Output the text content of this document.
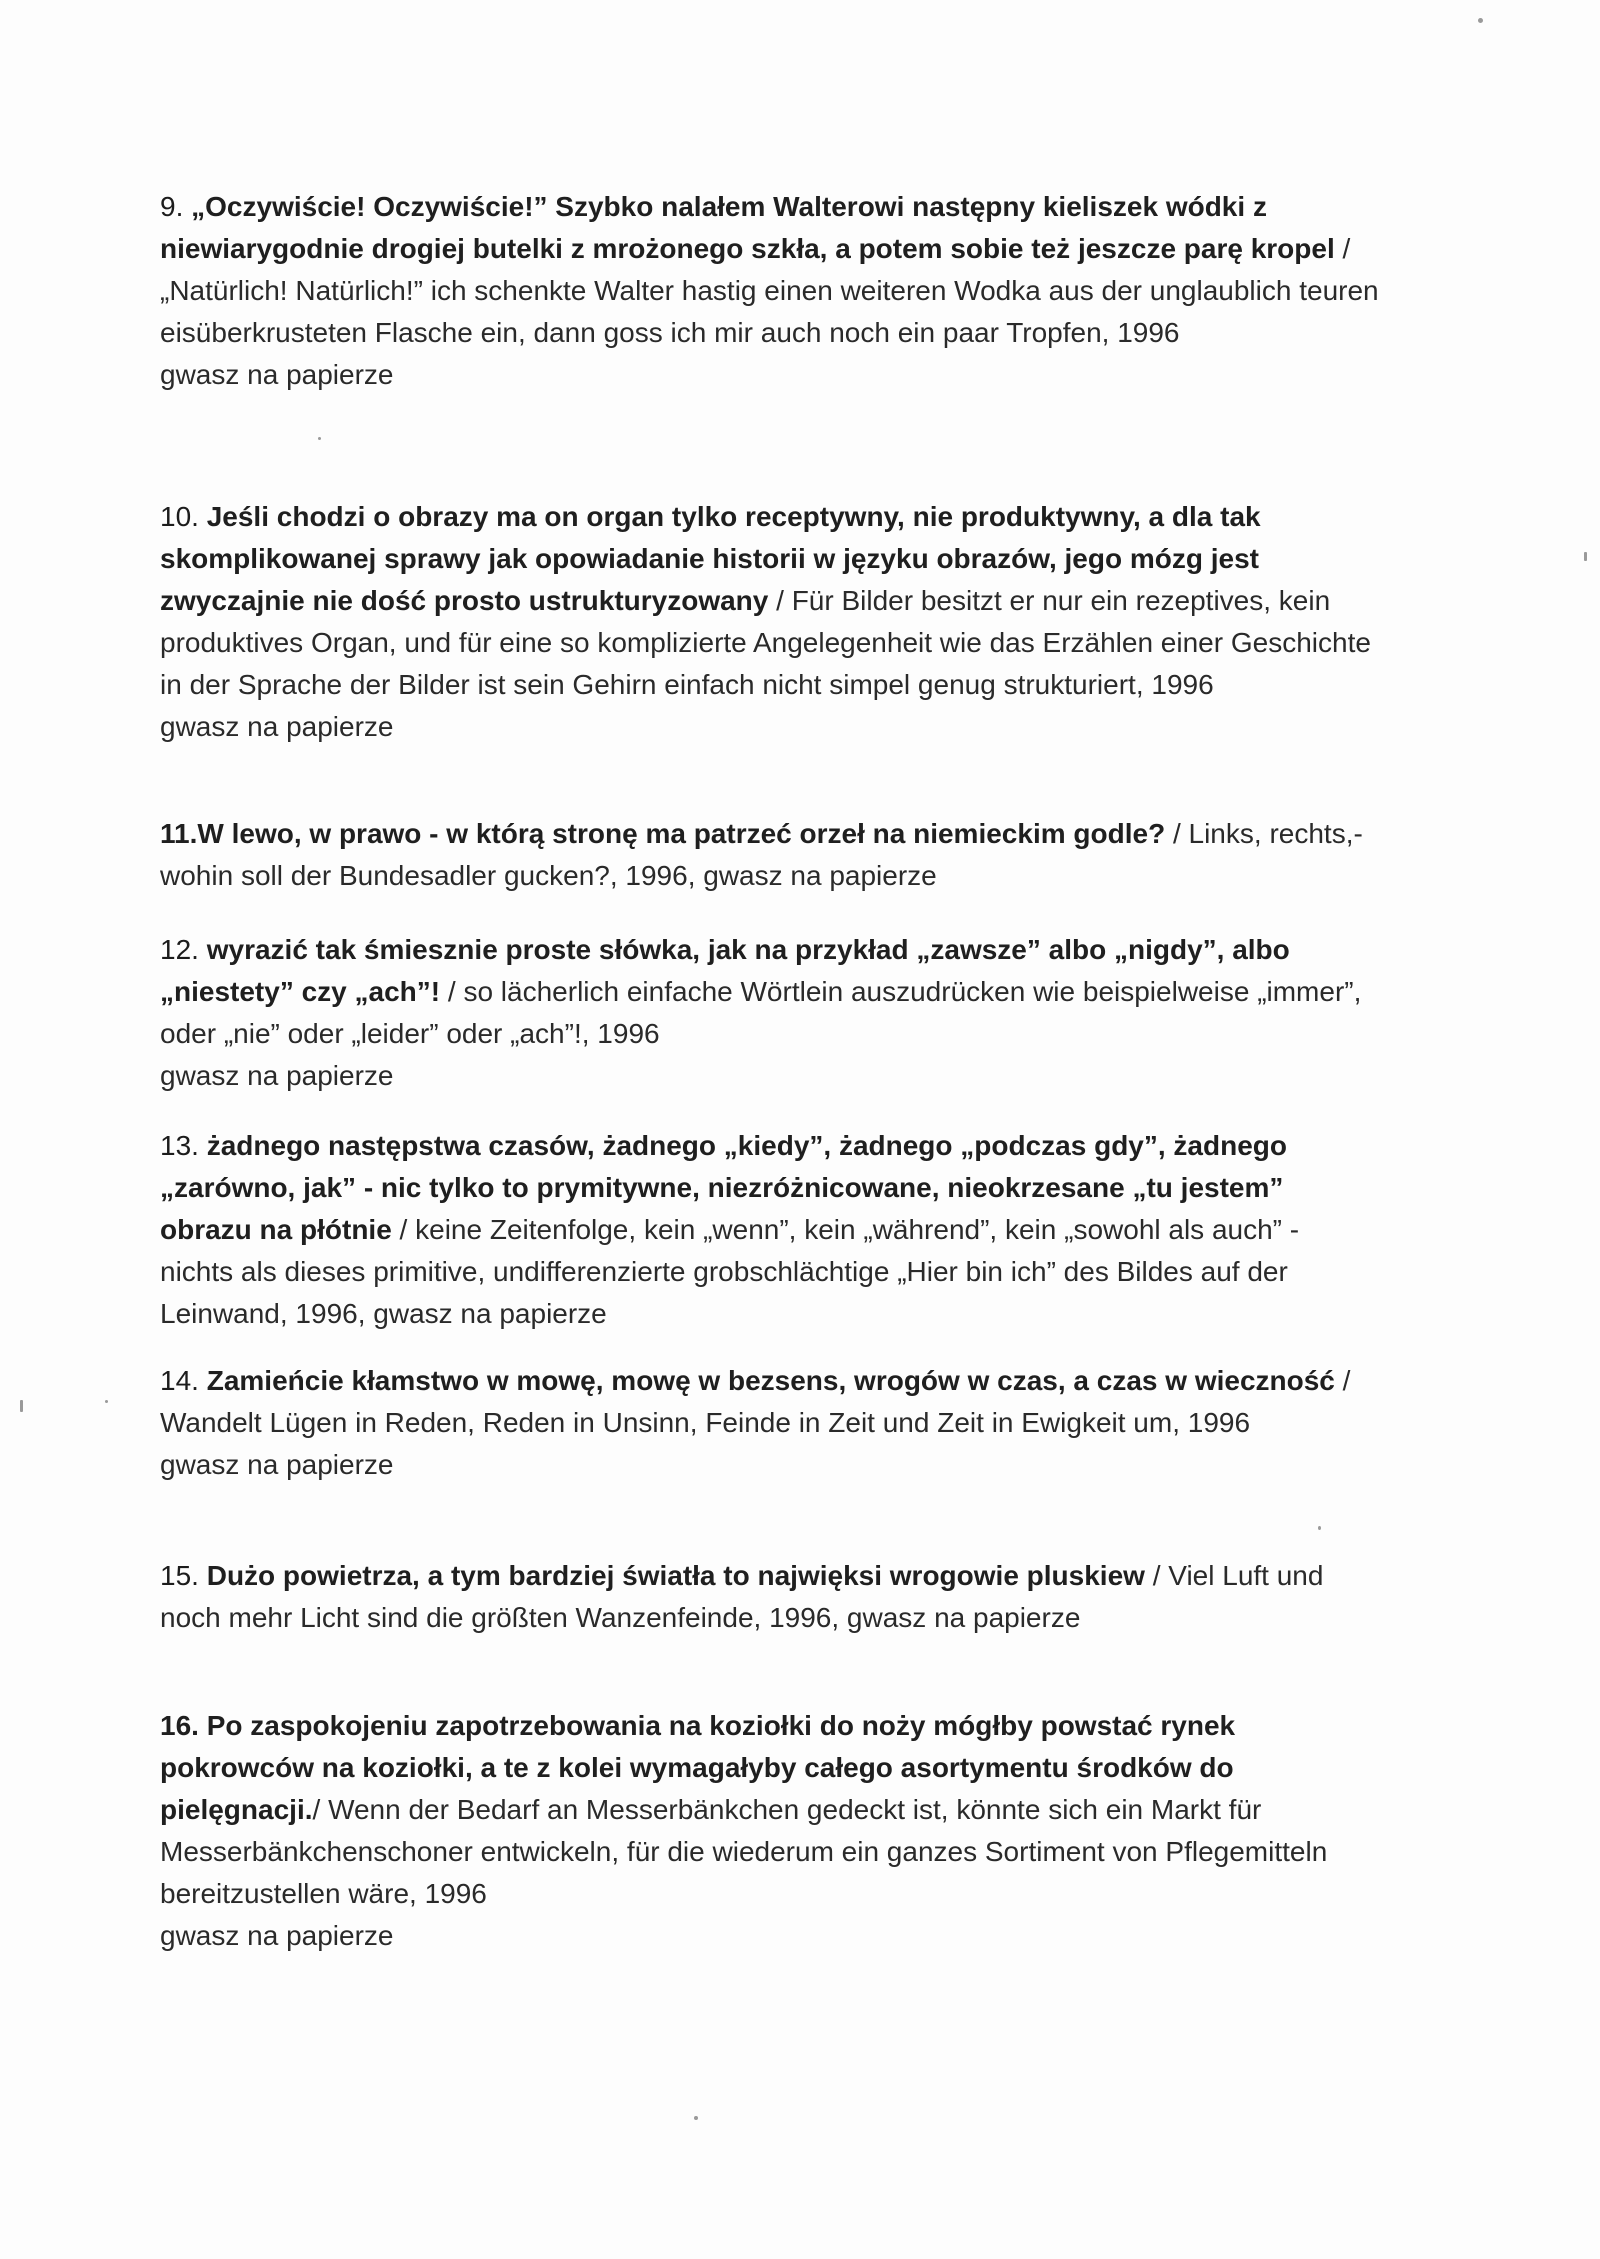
9. „Oczywiście! Oczywiście!” Szybko nalałem Walterowi następny kieliszek wódki z niewiarygodnie drogiej butelki z mrożonego szkła, a potem sobie też jeszcze parę kropel / „Natürlich! Natürlich!” ich schenkte Walter hastig einen weiteren Wodka aus der unglaublich teuren eisüberkrusteten Flasche ein, dann goss ich mir auch noch ein paar Tropfen, 1996

gwasz na papierze

10. Jeśli chodzi o obrazy ma on organ tylko receptywny, nie produktywny, a dla tak skomplikowanej sprawy jak opowiadanie historii w języku obrazów, jego mózg jest zwyczajnie nie dość prosto ustrukturyzowany / Für Bilder besitzt er nur ein rezeptives, kein produktives Organ, und für eine so komplizierte Angelegenheit wie das Erzählen einer Geschichte in der Sprache der Bilder ist sein Gehirn einfach nicht simpel genug strukturiert, 1996

gwasz na papierze

11.W lewo, w prawo - w którą stronę ma patrzeć orzeł na niemieckim godle? / Links, rechts,- wohin soll der Bundesadler gucken?, 1996, gwasz na papierze

12. wyrazić tak śmiesznie proste słówka, jak na przykład „zawsze” albo „nigdy”, albo „niestety” czy „ach”! / so lächerlich einfache Wörtlein auszudrücken wie beispielweise „immer”, oder „nie” oder „leider” oder „ach”!, 1996

gwasz na papierze

13. żadnego następstwa czasów, żadnego „kiedy”, żadnego „podczas gdy”, żadnego „zarówno, jak” - nic tylko to prymitywne, niezróżnicowane, nieokrzesane „tu jestem” obrazu na płótnie / keine Zeitenfolge, kein „wenn”, kein „während”, kein „sowohl als auch” - nichts als dieses primitive, undifferenzierte grobschlächtige „Hier bin ich” des Bildes auf der Leinwand, 1996, gwasz na papierze

14. Zamieńcie kłamstwo w mowę, mowę w bezsens, wrogów w czas, a czas w wieczność / Wandelt Lügen in Reden, Reden in Unsinn, Feinde in Zeit und Zeit in Ewigkeit um, 1996

gwasz na papierze

15. Dużo powietrza, a tym bardziej światła to najwięksi wrogowie pluskiew / Viel Luft und noch mehr Licht sind die größten Wanzenfeinde, 1996, gwasz na papierze

16. Po zaspokojeniu zapotrzebowania na koziołki do noży mógłby powstać rynek pokrowców na koziołki, a te z kolei wymagałyby całego asortymentu środków do pielęgnacji./ Wenn der Bedarf an Messerbänkchen gedeckt ist, könnte sich ein Markt für Messerbänkchenschoner entwickeln, für die wiederum ein ganzes Sortiment von Pflegemitteln bereitzustellen wäre, 1996

gwasz na papierze
